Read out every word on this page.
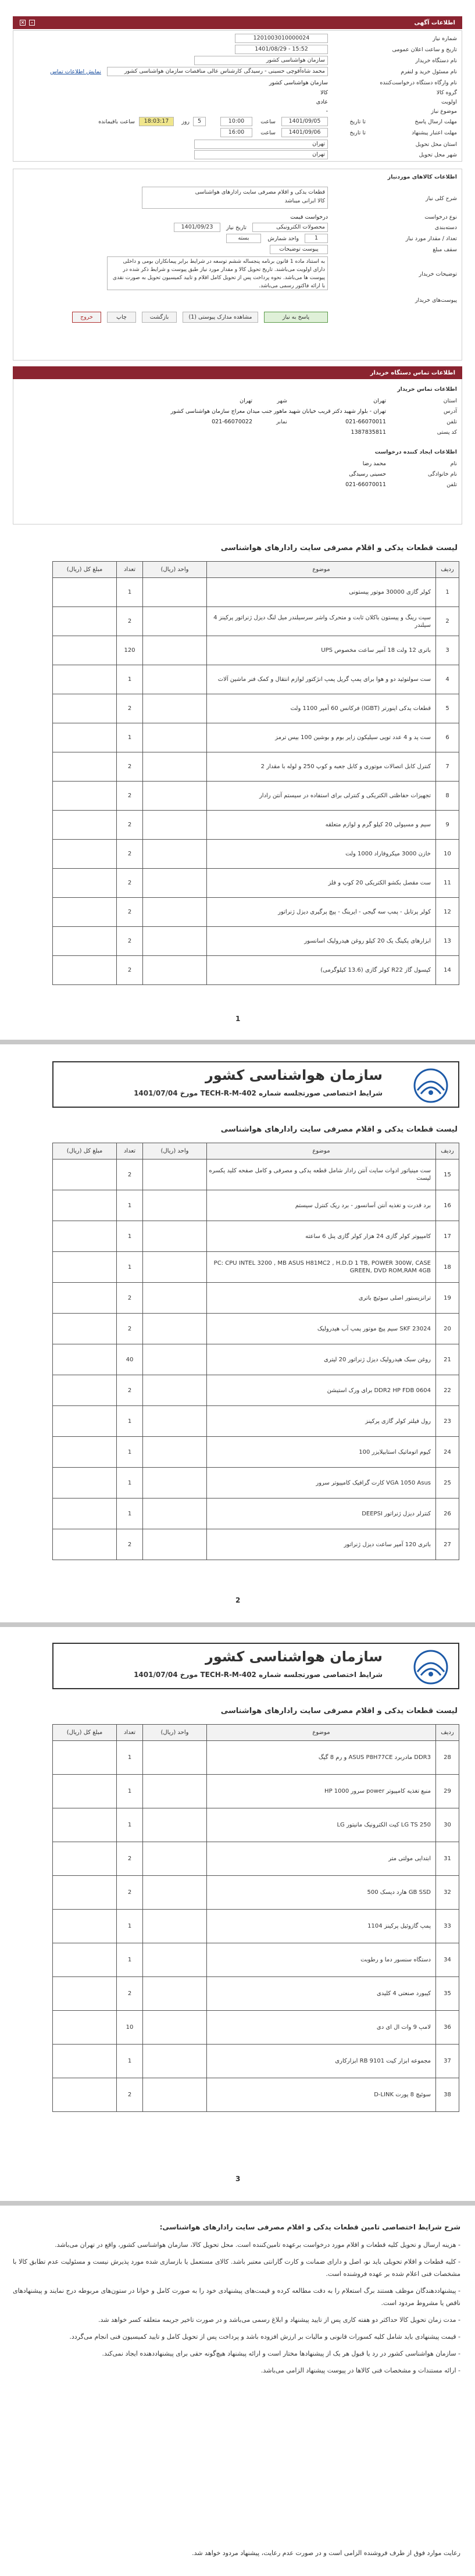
اطلاعات آگهی
–
×
شماره نیاز
1201003010000024
تاریخ و ساعت اعلان عمومی
1401/08/29 - 15:52
نام دستگاه خریدار
سازمان هواشناسی کشور
نام مسئول خرید و لنفرم
محمد شاه‌آقوچی حسینی - رسیدگی کارشناس عالی مناقصات سازمان هواشناسی کشور
نمایش اطلاعات تماس
نام وارگاه دستگاه درخواست‌کننده
سازمان هواشناسی کشور
گروه کالا
کالا
اولویت
عادی
موضوع نیاز
-
مهلت ارسال پاسخ
تا تاریخ
1401/09/05
ساعت
10:00
5
روز
18:03:17
ساعت باقیمانده
مهلت اعتبار پیشنهاد
تا تاریخ
1401/09/06
ساعت
16:00
استان محل تحویل
تهران
شهر محل تحویل
تهران
اطلاعات کالاهای موردنیاز
شرح کلی نیاز
قطعات یدکی و اقلام مصرفی سایت رادارهای هواشناسی
کالا ایرانی میباشد
نوع درخواست
درخواست قیمت
دسته‌بندی
محصولات الکترونیکی
تاریخ نیاز
1401/09/23
تعداد / مقدار مورد نیاز
1
واحد شمارش
بسته
سقف مبلغ
پیوست توضیحات
توضیحات خریدار
به استناد ماده 1 قانون برنامه پنجساله ششم توسعه در شرایط برابر پیمانکاران بومی و داخلی دارای اولویت می‌باشند. تاریخ تحویل کالا و مقدار مورد نیاز طبق پیوست و شرایط ذکر شده در پیوست ها می‌باشد. نحوه پرداخت پس از تحویل کامل اقلام و تایید کمیسیون تحویل به صورت نقدی با ارائه فاکتور رسمی می‌باشد.
پیوست‌های خریدار
پاسخ به نیاز
مشاهده مدارک پیوستی (1)
بازگشت
چاپ
خروج
اطلاعات تماس دستگاه خریدار
اطلاعات تماس خریدار
استان
تهران
شهر
تهران
آدرس
تهران - بلوار شهید دکتر قریب خیابان شهید ماهور جنب میدان معراج سازمان هواشناسی کشور
تلفن
021-66070011
نمابر
021-66070022
کد پستی
1387835811
اطلاعات ایجاد کننده درخواست
نام
محمد رضا
نام خانوادگی
حسینی رسیدگی
تلفن
021-66070011
لیست قطعات یدکی و اقلام مصرفی سایت رادارهای هواشناسی
ردیف	موضوع	واحد (ریال)	تعداد	مبلغ کل (ریال)
1	کولر گازی 30000 موتور پیستونی		1	
2	سیت رینگ و پیستون باکلان ثابت و متحرک واشر سرسیلندر میل لنگ دیزل ژنراتور پرکینز 4 سیلندر		2	
3	باتری 12 ولت 18 آمپر ساعت مخصوص UPS		120	
4	ست سولنوئید دو و هوا برای پمپ گریل پمپ انژکتور لوازم انتقال و کمک فنر ماشین آلات		1	
5	قطعات یدکی اینورتر (IGBT) فرکانس 60 آمپر 1100 ولت		2	
6	ست پد و 4 عدد توپی سیلیکون زایر بوم و بوشین 100 بیس ترمز		1	
7	کنترل کابل اتصالات موتوری و کابل جعبه و کوپ 250 و لوله با مقدار 2		2	
8	تجهیزات حفاظتی الکتریکی و کنترلی برای استفاده در سیستم آنتن رادار		2	
9	سیم و مسیولی 20 کیلو گرم و لوازم متعلقه		2	
10	خازن 3000 میکروفاراد 1000 ولت		2	
11	ست مقصل بکشو الکتریکی 20 کوپ و فلز		2	
12	کولر پرتابل - پمپ سه گیجی - ایرینگ - پیچ پرگیری دیزل ژنراتور		2	
13	ابزارهای پکینگ یک 20 کیلو روغن هیدرولیک اسانسور		2	
14	کپسول گاز R22 کولر گازی (13.6 کیلوگرمی)		2	
1
سازمان هواشناسی کشور
شرایط اختصاصی صورتجلسه شماره TECH-R-M-402 مورخ 1401/07/04
لیست قطعات یدکی و اقلام مصرفی سایت رادارهای هواشناسی
ردیف	موضوع	واحد (ریال)	تعداد	مبلغ کل (ریال)
15	ست مینیاتور ادوات سایت آنتن رادار شامل قطعه یدکی و مصرفی و کامل صفحه کلید یکسره لیست		2	
16	برد قدرت و تغذیه آنتن آسانسور - برد ریک کنترل سیستم		1	
17	کامپیوتر کولر گازی 24 هزار کولر گازی پنل 6 ساعته		1	
18	PC: CPU INTEL 3200 , MB ASUS H81MC2 , H.D.D 1 TB, POWER 300W, CASE GREEN, DVD ROM,RAM 4GB		1	
19	ترانزیستور اصلی سوئیچ باتری		2	
20	SKF 23024 سیم پیچ موتور پمپ آب هیدرولیک		2	
21	روغن سبک هیدرولیک دیزل ژنراتور 20 لیتری		40	
22	DDR2 HP FDB 0604 برای ورک استیشن		2	
23	رول فیلتر کولر گازی پرکینز		1	
24	کیوم اتوماتیک استابیلایزر 100		1	
25	VGA 1050 Asus کارت گرافیک کامپیوتر سرور		1	
26	کنترلر دیزل ژنراتور DEEPSI		1	
27	باتری 120 آمپر ساعت دیزل ژنراتور		2	
2
سازمان هواشناسی کشور
شرایط اختصاصی صورتجلسه شماره TECH-R-M-402 مورخ 1401/07/04
لیست قطعات یدکی و اقلام مصرفی سایت رادارهای هواشناسی
ردیف	موضوع	واحد (ریال)	تعداد	مبلغ کل (ریال)
28	DDR3 مادربرد ASUS P8H77CE و رم 8 گیگ		1	
29	منبع تغذیه کامپیوتر power سرور HP 1000		1	
30	LG TS 250 کیت الکترونیک مانیتور LG		1	
31	ابتدایی مولتی متر		2	
32	GB SSD هارد دیسک 500		2	
33	پمپ گازوئیل پرکینز 1104		1	
34	دستگاه سنسور دما و رطوبت		1	
35	کیبورد صنعتی 4 کلیدی		2	
36	لامپ 9 وات ال ای دی		10	
37	مجموعه ابزار کیت RB 9101 ابزارکاری		1	
38	سوئیچ 8 پورت D-LINK		2	
3
شرح شرایط اختصاصی تامین قطعات یدکی و اقلام مصرفی سایت رادارهای هواشناسی:

- هزینه ارسال و تحویل کلیه قطعات و اقلام مورد درخواست برعهده تامین‌کننده است. محل تحویل کالا، سازمان هواشناسی کشور، واقع در تهران می‌باشد.

- کلیه قطعات و اقلام تحویلی باید نو، اصل و دارای ضمانت و کارت گارانتی معتبر باشد. کالای مستعمل یا بازسازی شده مورد پذیرش نیست و مسئولیت عدم تطابق کالا با مشخصات فنی اعلام شده بر عهده فروشنده است.

- پیشنهاددهندگان موظف هستند برگ استعلام را به دقت مطالعه کرده و قیمت‌های پیشنهادی خود را به صورت کامل و خوانا در ستون‌های مربوطه درج نمایند و پیشنهادهای ناقص یا مشروط مردود است.

- مدت زمان تحویل کالا حداکثر دو هفته کاری پس از تایید پیشنهاد و ابلاغ رسمی می‌باشد و در صورت تاخیر جریمه متعلقه کسر خواهد شد.

- قیمت پیشنهادی باید شامل کلیه کسورات قانونی و مالیات بر ارزش افزوده باشد و پرداخت پس از تحویل کامل و تایید کمیسیون فنی انجام می‌گردد.

- سازمان هواشناسی کشور در رد یا قبول هر یک از پیشنهادها مختار است و ارائه پیشنهاد هیچ‌گونه حقی برای پیشنهاددهنده ایجاد نمی‌کند.

- ارائه مستندات و مشخصات فنی کالاها در پیوست پیشنهاد الزامی می‌باشد.

رعایت موارد فوق از طرف فروشنده الزامی است و در صورت عدم رعایت، پیشنهاد مردود خواهد شد.
